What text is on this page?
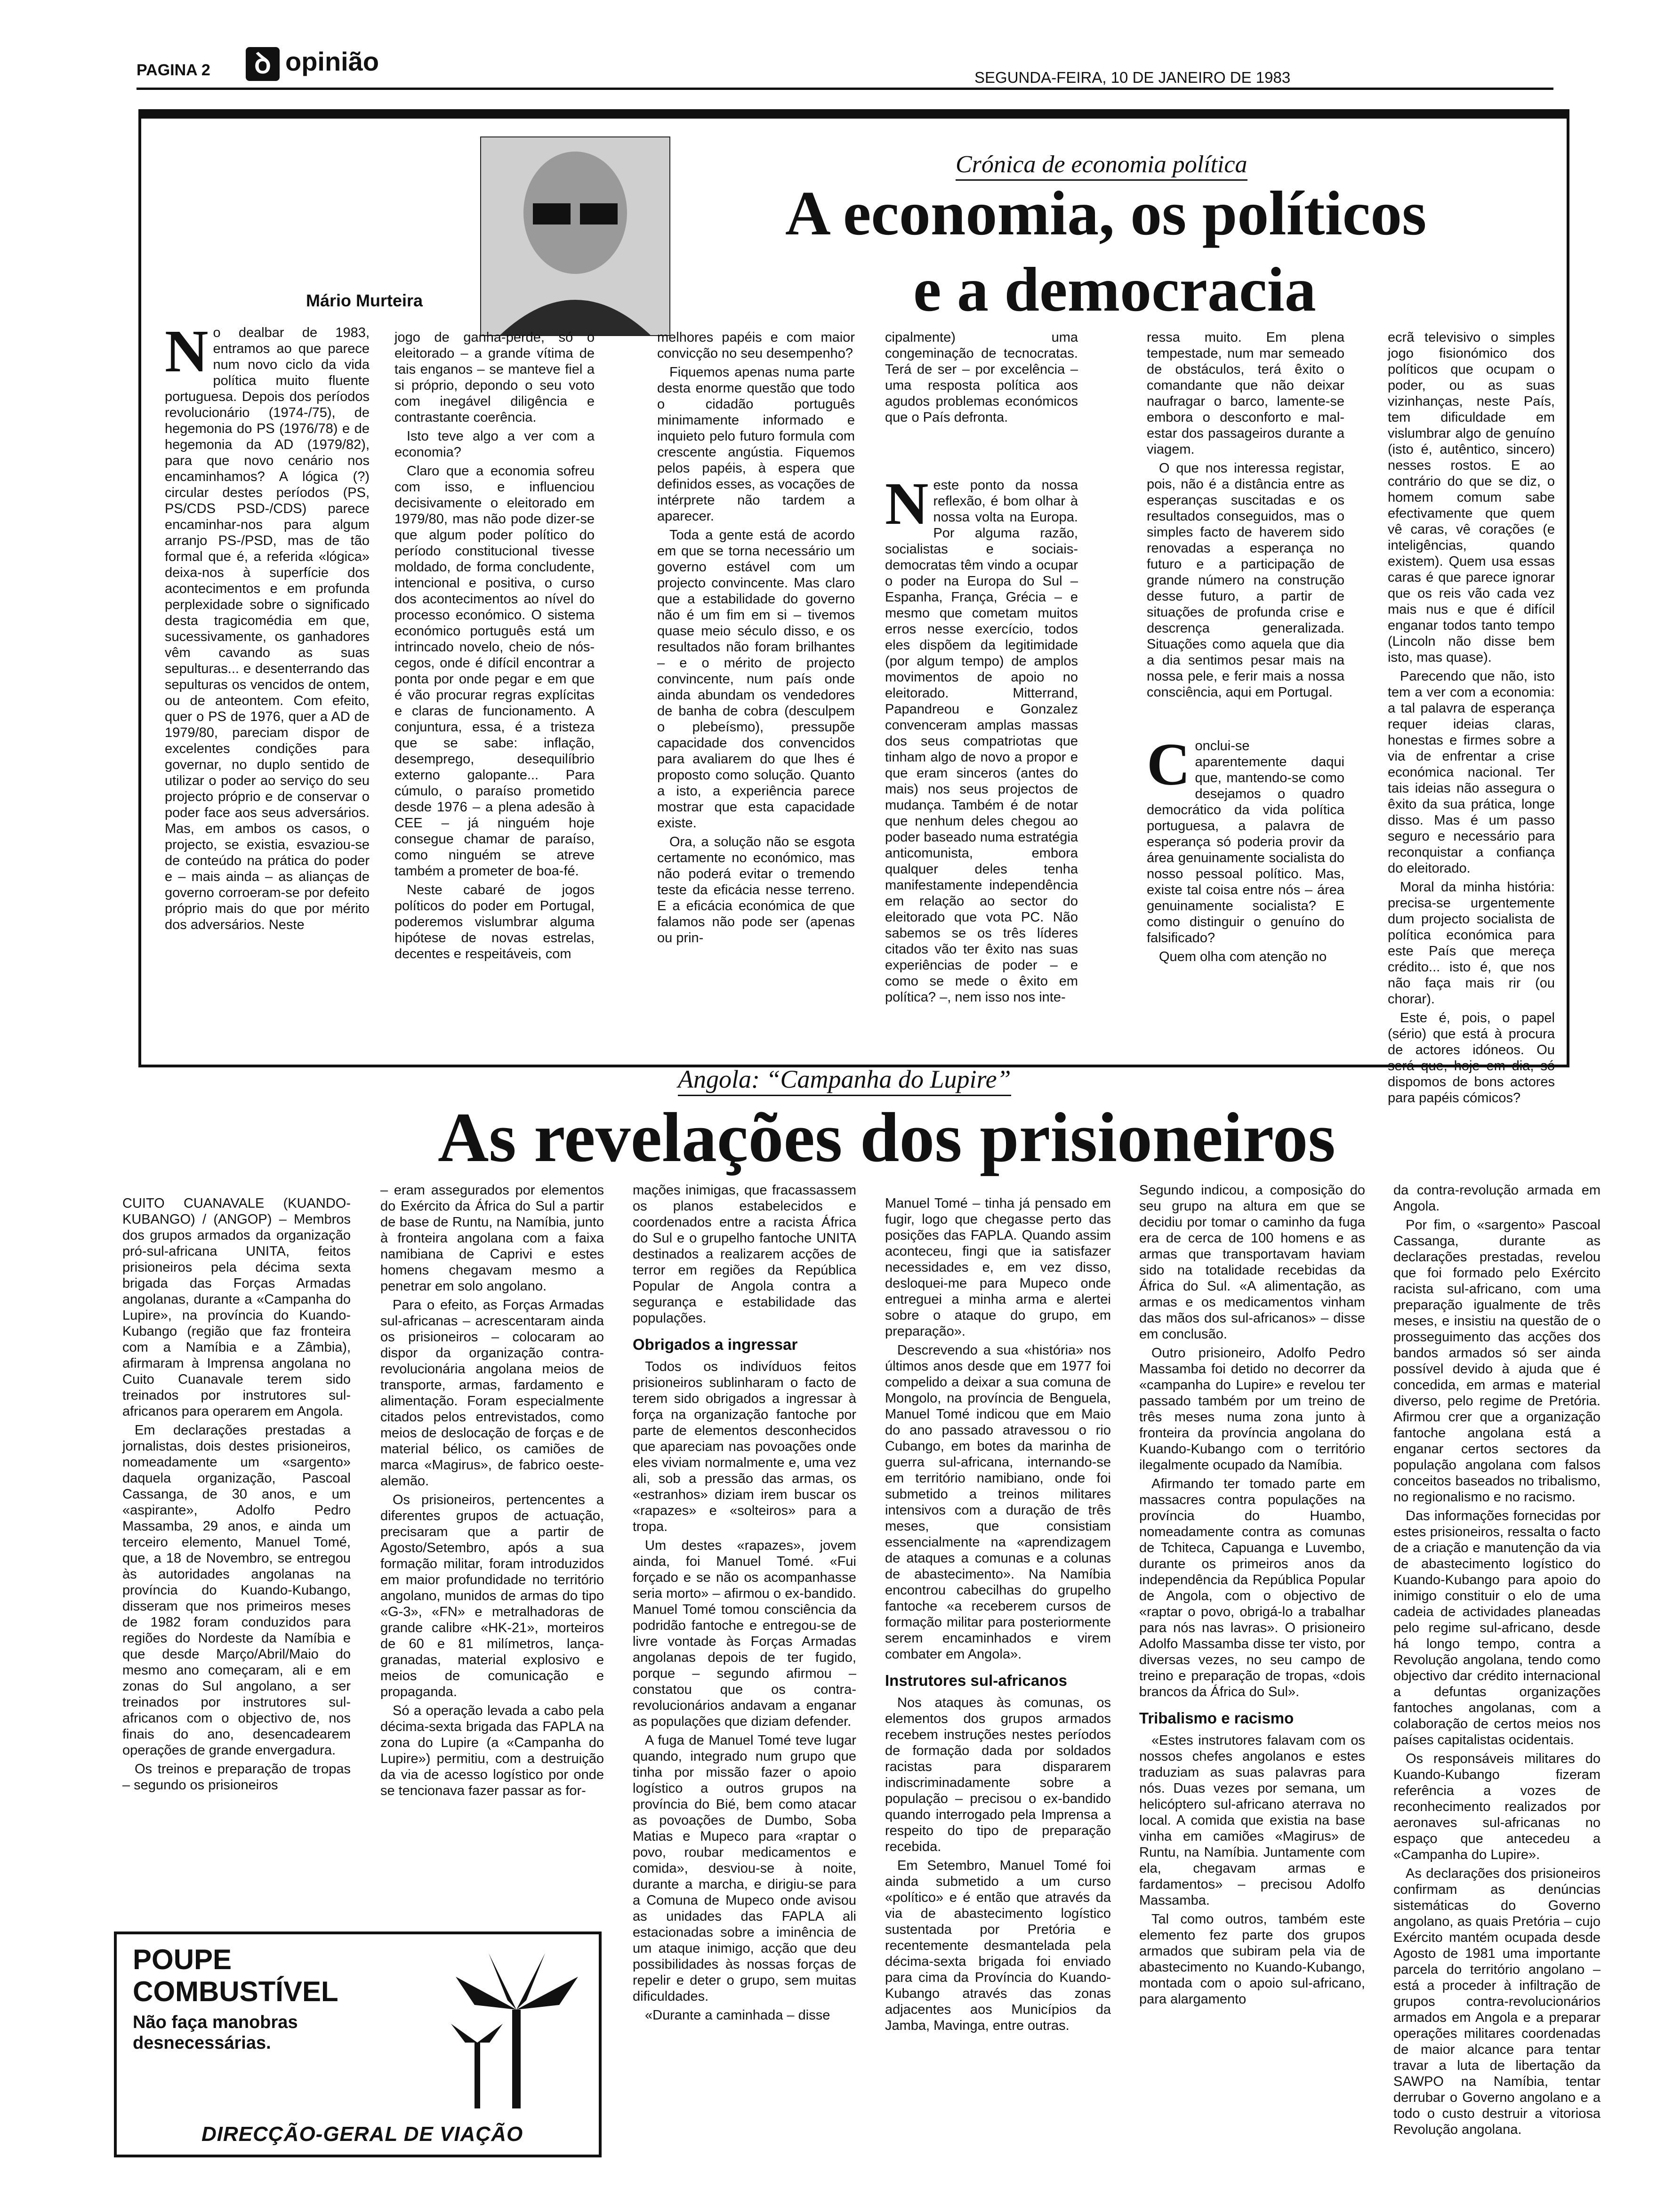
PAGINA 2	ꝺ opinião
SEGUNDA-FEIRA, 10 DE JANEIRO DE 1983
Mário Murteira
Crónica de economia política
A economia, os políticos
e a democracia

No dealbar de 1983, entramos ao que parece num novo ciclo da vida política muito fluente portuguesa. Depois dos períodos revolucionário (1974-/75), de hegemonia do PS (1976/78) e de hegemonia da AD (1979/82), para que novo cenário nos encaminhamos? A lógica (?) circular destes períodos (PS, PS/CDS PSD-/CDS) parece encaminhar-nos para algum arranjo PS-/PSD, mas de tão formal que é, a referida «lógica» deixa-nos à superfície dos acontecimentos e em profunda perplexidade sobre o significado desta tragicomédia em que, sucessivamente, os ganhadores vêm cavando as suas sepulturas... e desenterrando das sepulturas os vencidos de ontem, ou de anteontem. Com efeito, quer o PS de 1976, quer a AD de 1979/80, pareciam dispor de excelentes condições para governar, no duplo sentido de utilizar o poder ao serviço do seu projecto próprio e de conservar o poder face aos seus adversários. Mas, em ambos os casos, o projecto, se existia, esvaziou-se de conteúdo na prática do poder e – mais ainda – as alianças de governo corroeram-se por defeito próprio mais do que por mérito dos adversários. Neste

jogo de ganha-perde, só o eleitorado – a grande vítima de tais enganos – se manteve fiel a si próprio, depondo o seu voto com inegável diligência e contrastante coerência.

Isto teve algo a ver com a economia?

Claro que a economia sofreu com isso, e influenciou decisivamente o eleitorado em 1979/80, mas não pode dizer-se que algum poder político do período constitucional tivesse moldado, de forma concludente, intencional e positiva, o curso dos acontecimentos ao nível do processo económico. O sistema económico português está um intrincado novelo, cheio de nós-cegos, onde é difícil encontrar a ponta por onde pegar e em que é vão procurar regras explícitas e claras de funcionamento. A conjuntura, essa, é a tristeza que se sabe: inflação, desemprego, desequilíbrio externo galopante... Para cúmulo, o paraíso prometido desde 1976 – a plena adesão à CEE – já ninguém hoje consegue chamar de paraíso, como ninguém se atreve também a prometer de boa-fé.

Neste cabaré de jogos políticos do poder em Portugal, poderemos vislumbrar alguma hipótese de novas estrelas, decentes e respeitáveis, com

melhores papéis e com maior convicção no seu desempenho?

Fiquemos apenas numa parte desta enorme questão que todo o cidadão português minimamente informado e inquieto pelo futuro formula com crescente angústia. Fiquemos pelos papéis, à espera que definidos esses, as vocações de intérprete não tardem a aparecer.

Toda a gente está de acordo em que se torna necessário um governo estável com um projecto convincente. Mas claro que a estabilidade do governo não é um fim em si – tivemos quase meio século disso, e os resultados não foram brilhantes – e o mérito de projecto convincente, num país onde ainda abundam os vendedores de banha de cobra (desculpem o plebeísmo), pressupõe capacidade dos convencidos para avaliarem do que lhes é proposto como solução. Quanto a isto, a experiência parece mostrar que esta capacidade existe.

Ora, a solução não se esgota certamente no económico, mas não poderá evitar o tremendo teste da eficácia nesse terreno. E a eficácia económica de que falamos não pode ser (apenas ou prin-

cipalmente) uma congeminação de tecnocratas. Terá de ser – por excelência – uma resposta política aos agudos problemas económicos que o País defronta.

Neste ponto da nossa reflexão, é bom olhar à nossa volta na Europa. Por alguma razão, socialistas e sociais-democratas têm vindo a ocupar o poder na Europa do Sul – Espanha, França, Grécia – e mesmo que cometam muitos erros nesse exercício, todos eles dispõem da legitimidade (por algum tempo) de amplos movimentos de apoio no eleitorado. Mitterrand, Papandreou e Gonzalez convenceram amplas massas dos seus compatriotas que tinham algo de novo a propor e que eram sinceros (antes do mais) nos seus projectos de mudança. Também é de notar que nenhum deles chegou ao poder baseado numa estratégia anticomunista, embora qualquer deles tenha manifestamente independência em relação ao sector do eleitorado que vota PC. Não sabemos se os três líderes citados vão ter êxito nas suas experiências de poder – e como se mede o êxito em política? –, nem isso nos inte-

ressa muito. Em plena tempestade, num mar semeado de obstáculos, terá êxito o comandante que não deixar naufragar o barco, lamente-se embora o desconforto e mal-estar dos passageiros durante a viagem.

O que nos interessa registar, pois, não é a distância entre as esperanças suscitadas e os resultados conseguidos, mas o simples facto de haverem sido renovadas a esperança no futuro e a participação de grande número na construção desse futuro, a partir de situações de profunda crise e descrença generalizada. Situações como aquela que dia a dia sentimos pesar mais na nossa pele, e ferir mais a nossa consciência, aqui em Portugal.

Conclui-se aparentemente daqui que, mantendo-se como desejamos o quadro democrático da vida política portuguesa, a palavra de esperança só poderia provir da área genuinamente socialista do nosso pessoal político. Mas, existe tal coisa entre nós – área genuinamente socialista? E como distinguir o genuíno do falsificado?

Quem olha com atenção no

ecrã televisivo o simples jogo fisionómico dos políticos que ocupam o poder, ou as suas vizinhanças, neste País, tem dificuldade em vislumbrar algo de genuíno (isto é, autêntico, sincero) nesses rostos. E ao contrário do que se diz, o homem comum sabe efectivamente que quem vê caras, vê corações (e inteligências, quando existem). Quem usa essas caras é que parece ignorar que os reis vão cada vez mais nus e que é difícil enganar todos tanto tempo (Lincoln não disse bem isto, mas quase).

Parecendo que não, isto tem a ver com a economia: a tal palavra de esperança requer ideias claras, honestas e firmes sobre a via de enfrentar a crise económica nacional. Ter tais ideias não assegura o êxito da sua prática, longe disso. Mas é um passo seguro e necessário para reconquistar a confiança do eleitorado.

Moral da minha história: precisa-se urgentemente dum projecto socialista de política económica para este País que mereça crédito... isto é, que nos não faça mais rir (ou chorar).

Este é, pois, o papel (sério) que está à procura de actores idóneos. Ou será que, hoje em dia, só dispomos de bons actores para papéis cómicos?

Angola: “Campanha do Lupire”
As revelações dos prisioneiros

CUITO CUANAVALE (KUANDO-KUBANGO) / (ANGOP) – Membros dos grupos armados da organização pró-sul-africana UNITA, feitos prisioneiros pela décima sexta brigada das Forças Armadas angolanas, durante a «Campanha do Lupire», na província do Kuando-Kubango (região que faz fronteira com a Namíbia e a Zâmbia), afirmaram à Imprensa angolana no Cuito Cuanavale terem sido treinados por instrutores sul-africanos para operarem em Angola.

Em declarações prestadas a jornalistas, dois destes prisioneiros, nomeadamente um «sargento» daquela organização, Pascoal Cassanga, de 30 anos, e um «aspirante», Adolfo Pedro Massamba, 29 anos, e ainda um terceiro elemento, Manuel Tomé, que, a 18 de Novembro, se entregou às autoridades angolanas na província do Kuando-Kubango, disseram que nos primeiros meses de 1982 foram conduzidos para regiões do Nordeste da Namíbia e que desde Março/Abril/Maio do mesmo ano começaram, ali e em zonas do Sul angolano, a ser treinados por instrutores sul-africanos com o objectivo de, nos finais do ano, desencadearem operações de grande envergadura.

Os treinos e preparação de tropas – segundo os prisioneiros

– eram assegurados por elementos do Exército da África do Sul a partir de base de Runtu, na Namíbia, junto à fronteira angolana com a faixa namibiana de Caprivi e estes homens chegavam mesmo a penetrar em solo angolano.

Para o efeito, as Forças Armadas sul-africanas – acrescentaram ainda os prisioneiros – colocaram ao dispor da organização contra-revolucionária angolana meios de transporte, armas, fardamento e alimentação. Foram especialmente citados pelos entrevistados, como meios de deslocação de forças e de material bélico, os camiões de marca «Magirus», de fabrico oeste-alemão.

Os prisioneiros, pertencentes a diferentes grupos de actuação, precisaram que a partir de Agosto/Setembro, após a sua formação militar, foram introduzidos em maior profundidade no território angolano, munidos de armas do tipo «G-3», «FN» e metralhadoras de grande calibre «HK-21», morteiros de 60 e 81 milímetros, lança-granadas, material explosivo e meios de comunicação e propaganda.

Só a operação levada a cabo pela décima-sexta brigada das FAPLA na zona do Lupire (a «Campanha do Lupire») permitiu, com a destruição da via de acesso logístico por onde se tencionava fazer passar as for-

mações inimigas, que fracassassem os planos estabelecidos e coordenados entre a racista África do Sul e o grupelho fantoche UNITA destinados a realizarem acções de terror em regiões da República Popular de Angola contra a segurança e estabilidade das populações.

Obrigados a ingressar

Todos os indivíduos feitos prisioneiros sublinharam o facto de terem sido obrigados a ingressar à força na organização fantoche por parte de elementos desconhecidos que apareciam nas povoações onde eles viviam normalmente e, uma vez ali, sob a pressão das armas, os «estranhos» diziam irem buscar os «rapazes» e «solteiros» para a tropa.

Um destes «rapazes», jovem ainda, foi Manuel Tomé. «Fui forçado e se não os acompanhasse seria morto» – afirmou o ex-bandido. Manuel Tomé tomou consciência da podridão fantoche e entregou-se de livre vontade às Forças Armadas angolanas depois de ter fugido, porque – segundo afirmou – constatou que os contra-revolucionários andavam a enganar as populações que diziam defender.

A fuga de Manuel Tomé teve lugar quando, integrado num grupo que tinha por missão fazer o apoio logístico a outros grupos na província do Bié, bem como atacar as povoações de Dumbo, Soba Matias e Mupeco para «raptar o povo, roubar medicamentos e comida», desviou-se à noite, durante a marcha, e dirigiu-se para a Comuna de Mupeco onde avisou as unidades das FAPLA ali estacionadas sobre a iminência de um ataque inimigo, acção que deu possibilidades às nossas forças de repelir e deter o grupo, sem muitas dificuldades.

«Durante a caminhada – disse

Manuel Tomé – tinha já pensado em fugir, logo que chegasse perto das posições das FAPLA. Quando assim aconteceu, fingi que ia satisfazer necessidades e, em vez disso, desloquei-me para Mupeco onde entreguei a minha arma e alertei sobre o ataque do grupo, em preparação».

Descrevendo a sua «história» nos últimos anos desde que em 1977 foi compelido a deixar a sua comuna de Mongolo, na província de Benguela, Manuel Tomé indicou que em Maio do ano passado atravessou o rio Cubango, em botes da marinha de guerra sul-africana, internando-se em território namibiano, onde foi submetido a treinos militares intensivos com a duração de três meses, que consistiam essencialmente na «aprendizagem de ataques a comunas e a colunas de abastecimento». Na Namíbia encontrou cabecilhas do grupelho fantoche «a receberem cursos de formação militar para posteriormente serem encaminhados e virem combater em Angola».

Instrutores sul-africanos

Nos ataques às comunas, os elementos dos grupos armados recebem instruções nestes períodos de formação dada por soldados racistas para dispararem indiscriminadamente sobre a população – precisou o ex-bandido quando interrogado pela Imprensa a respeito do tipo de preparação recebida.

Em Setembro, Manuel Tomé foi ainda submetido a um curso «político» e é então que através da via de abastecimento logístico sustentada por Pretória e recentemente desmantelada pela décima-sexta brigada foi enviado para cima da Província do Kuando-Kubango através das zonas adjacentes aos Municípios da Jamba, Mavinga, entre outras.

Segundo indicou, a composição do seu grupo na altura em que se decidiu por tomar o caminho da fuga era de cerca de 100 homens e as armas que transportavam haviam sido na totalidade recebidas da África do Sul. «A alimentação, as armas e os medicamentos vinham das mãos dos sul-africanos» – disse em conclusão.

Outro prisioneiro, Adolfo Pedro Massamba foi detido no decorrer da «campanha do Lupire» e revelou ter passado também por um treino de três meses numa zona junto à fronteira da província angolana do Kuando-Kubango com o território ilegalmente ocupado da Namíbia.

Afirmando ter tomado parte em massacres contra populações na província do Huambo, nomeadamente contra as comunas de Tchiteca, Capuanga e Luvembo, durante os primeiros anos da independência da República Popular de Angola, com o objectivo de «raptar o povo, obrigá-lo a trabalhar para nós nas lavras». O prisioneiro Adolfo Massamba disse ter visto, por diversas vezes, no seu campo de treino e preparação de tropas, «dois brancos da África do Sul».

Tribalismo e racismo

«Estes instrutores falavam com os nossos chefes angolanos e estes traduziam as suas palavras para nós. Duas vezes por semana, um helicóptero sul-africano aterrava no local. A comida que existia na base vinha em camiões «Magirus» de Runtu, na Namíbia. Juntamente com ela, chegavam armas e fardamentos» – precisou Adolfo Massamba.

Tal como outros, também este elemento fez parte dos grupos armados que subiram pela via de abastecimento no Kuando-Kubango, montada com o apoio sul-africano, para alargamento

da contra-revolução armada em Angola.

Por fim, o «sargento» Pascoal Cassanga, durante as declarações prestadas, revelou que foi formado pelo Exército racista sul-africano, com uma preparação igualmente de três meses, e insistiu na questão de o prosseguimento das acções dos bandos armados só ser ainda possível devido à ajuda que é concedida, em armas e material diverso, pelo regime de Pretória. Afirmou crer que a organização fantoche angolana está a enganar certos sectores da população angolana com falsos conceitos baseados no tribalismo, no regionalismo e no racismo.

Das informações fornecidas por estes prisioneiros, ressalta o facto de a criação e manutenção da via de abastecimento logístico do Kuando-Kubango para apoio do inimigo constituir o elo de uma cadeia de actividades planeadas pelo regime sul-africano, desde há longo tempo, contra a Revolução angolana, tendo como objectivo dar crédito internacional a defuntas organizações fantoches angolanas, com a colaboração de certos meios nos países capitalistas ocidentais.

Os responsáveis militares do Kuando-Kubango fizeram referência a vozes de reconhecimento realizados por aeronaves sul-africanas no espaço que antecedeu a «Campanha do Lupire».

As declarações dos prisioneiros confirmam as denúncias sistemáticas do Governo angolano, as quais Pretória – cujo Exército mantém ocupada desde Agosto de 1981 uma importante parcela do território angolano – está a proceder à infiltração de grupos contra-revolucionários armados em Angola e a preparar operações militares coordenadas de maior alcance para tentar travar a luta de libertação da SAWPO na Namíbia, tentar derrubar o Governo angolano e a todo o custo destruir a vitoriosa Revolução angolana.

POUPE
COMBUSTÍVEL
Não faça manobras
desnecessárias.
DIRECÇÃO-GERAL DE VIAÇÃO
